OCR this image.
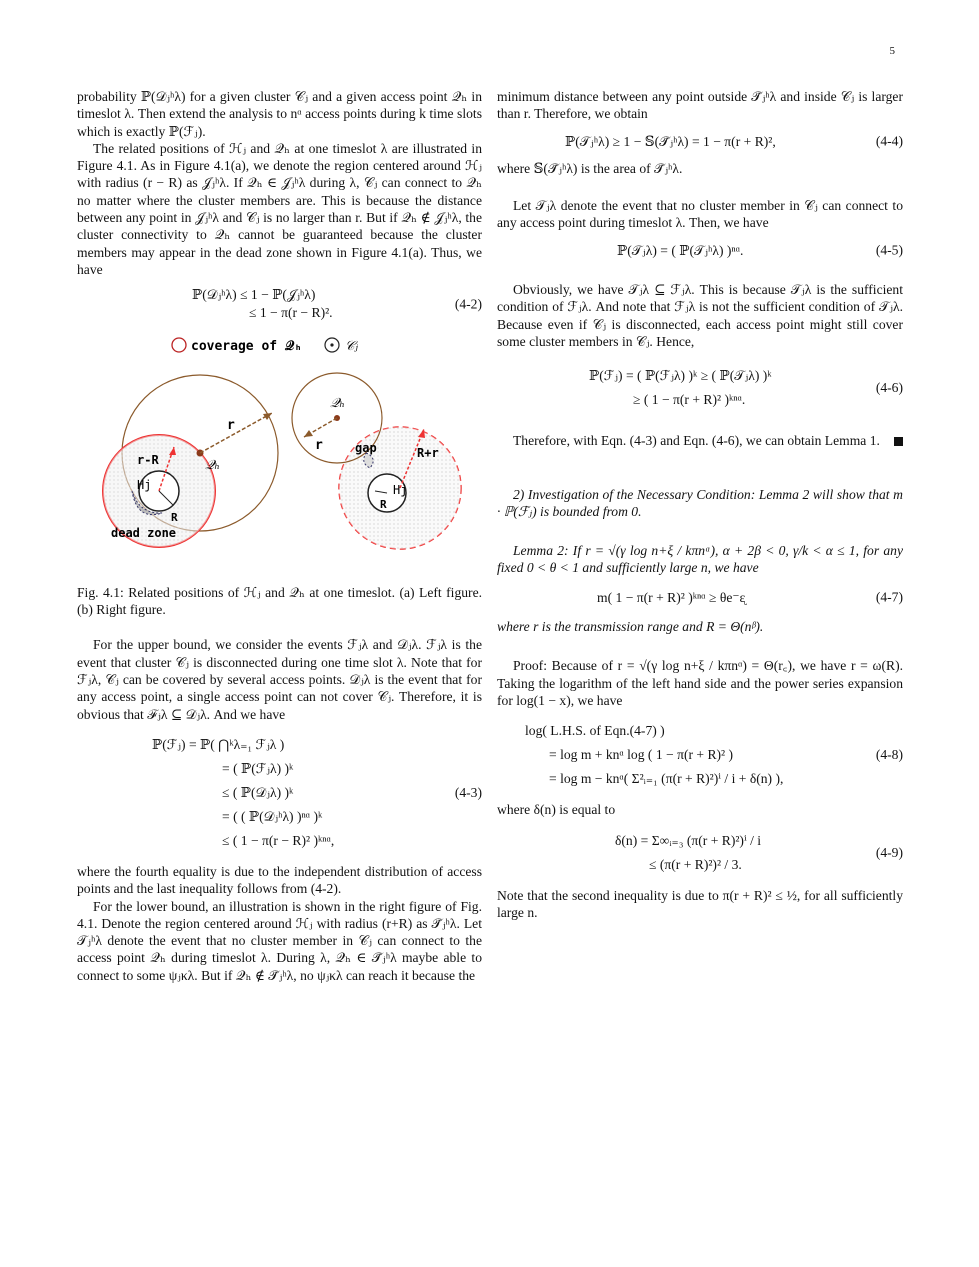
5

probability ℙ(𝒟ⱼʰλ) for a given cluster 𝒞ⱼ and a given access point 𝒬ₕ in timeslot λ. Then extend the analysis to nᵅ access points during k time slots which is exactly ℙ(ℱⱼ).

The related positions of ℋⱼ and 𝒬ₕ at one timeslot λ are illustrated in Figure 4.1. As in Figure 4.1(a), we denote the region centered around ℋⱼ with radius (r − R) as 𝒥ⱼʰλ. If 𝒬ₕ ∈ 𝒥ⱼʰλ during λ, 𝒞ⱼ can connect to 𝒬ₕ no matter where the cluster members are. This is because the distance between any point in 𝒥ⱼʰλ and 𝒞ⱼ is no larger than r. But if 𝒬ₕ ∉ 𝒥ⱼʰλ, the cluster connectivity to 𝒬ₕ cannot be guaranteed because the cluster members may appear in the dead zone shown in Figure 4.1(a). Thus, we have

ℙ(𝒟ⱼʰλ) ≤ 1 − ℙ(𝒥ⱼʰλ)
≤ 1 − π(r − R)².
(4-2)
coverage of 𝒬ₕ	𝒞ⱼ
r
r-R	𝒬ₕ
Hj
R
dead zone
𝒬ₕ
r	gap	R+r
Hj
R

Fig. 4.1: Related positions of ℋⱼ and 𝒬ₕ at one timeslot. (a) Left figure. (b) Right figure.

For the upper bound, we consider the events ℱⱼλ and 𝒟ⱼλ. ℱⱼλ is the event that cluster 𝒞ⱼ is disconnected during one time slot λ. Note that for ℱⱼλ, 𝒞ⱼ can be covered by several access points. 𝒟ⱼλ is the event that for any access point, a single access point can not cover 𝒞ⱼ. Therefore, it is obvious that ℱⱼλ ⊆ 𝒟ⱼλ. And we have

ℙ(ℱⱼ) = ℙ( ⋂ᵏλ₌₁ ℱⱼλ )
= ( ℙ(ℱⱼλ) )ᵏ
≤ ( ℙ(𝒟ⱼλ) )ᵏ
= ( ( ℙ(𝒟ⱼʰλ) )ⁿᵅ )ᵏ
≤ ( 1 − π(r − R)² )ᵏⁿᵅ,
(4-3)

where the fourth equality is due to the independent distribution of access points and the last inequality follows from (4-2).

For the lower bound, an illustration is shown in the right figure of Fig. 4.1. Denote the region centered around ℋⱼ with radius (r+R) as 𝒯̃ⱼʰλ. Let 𝒯ⱼʰλ denote the event that no cluster member in 𝒞ⱼ can connect to the access point 𝒬ₕ during timeslot λ. During λ, 𝒬ₕ ∈ 𝒯̃ⱼʰλ maybe able to connect to some ψⱼκλ. But if 𝒬ₕ ∉ 𝒯̃ⱼʰλ, no ψⱼκλ can reach it because the

minimum distance between any point outside 𝒯̃ⱼʰλ and inside 𝒞ⱼ is larger than r. Therefore, we obtain

ℙ(𝒯ⱼʰλ) ≥ 1 − 𝕊(𝒯̃ⱼʰλ) = 1 − π(r + R)²,	(4-4)

where 𝕊(𝒯̃ⱼʰλ) is the area of 𝒯̃ⱼʰλ.

Let 𝒯ⱼλ denote the event that no cluster member in 𝒞ⱼ can connect to any access point during timeslot λ. Then, we have

ℙ(𝒯ⱼλ) = ( ℙ(𝒯ⱼʰλ) )ⁿᵅ.	(4-5)

Obviously, we have 𝒯ⱼλ ⊆ ℱⱼλ. This is because 𝒯ⱼλ is the sufficient condition of ℱⱼλ. And note that ℱⱼλ is not the sufficient condition of 𝒯ⱼλ. Because even if 𝒞ⱼ is disconnected, each access point might still cover some cluster members in 𝒞ⱼ. Hence,

ℙ(ℱⱼ) = ( ℙ(ℱⱼλ) )ᵏ ≥ ( ℙ(𝒯ⱼλ) )ᵏ
≥ ( 1 − π(r + R)² )ᵏⁿᵅ.
(4-6)

Therefore, with Eqn. (4-3) and Eqn. (4-6), we can obtain Lemma 1.

2) Investigation of the Necessary Condition: Lemma 2 will show that m · ℙ(ℱⱼ) is bounded from 0.

Lemma 2: If r = √(γ log n+ξ / kπnᵅ), α + 2β < 0, γ/k < α ≤ 1, for any fixed 0 < θ < 1 and sufficiently large n, we have

m( 1 − π(r + R)² )ᵏⁿᵅ ≥ θe⁻ᶓ	(4-7)

where r is the transmission range and R = Θ(nᵝ).

Proof: Because of r = √(γ log n+ξ / kπnᵅ) = Θ(r꜀), we have r = ω(R). Taking the logarithm of the left hand side and the power series expansion for log(1 − x), we have

log( L.H.S. of Eqn.(4-7) )
= log m + knᵅ log ( 1 − π(r + R)² )
= log m − knᵅ( Σ²ᵢ₌₁ (π(r + R)²)ⁱ / i + δ(n) ),
(4-8)

where δ(n) is equal to

δ(n) = Σ∞ᵢ₌₃ (π(r + R)²)ⁱ / i
≤ (π(r + R)²)² / 3.
(4-9)

Note that the second inequality is due to π(r + R)² ≤ ½, for all sufficiently large n.
